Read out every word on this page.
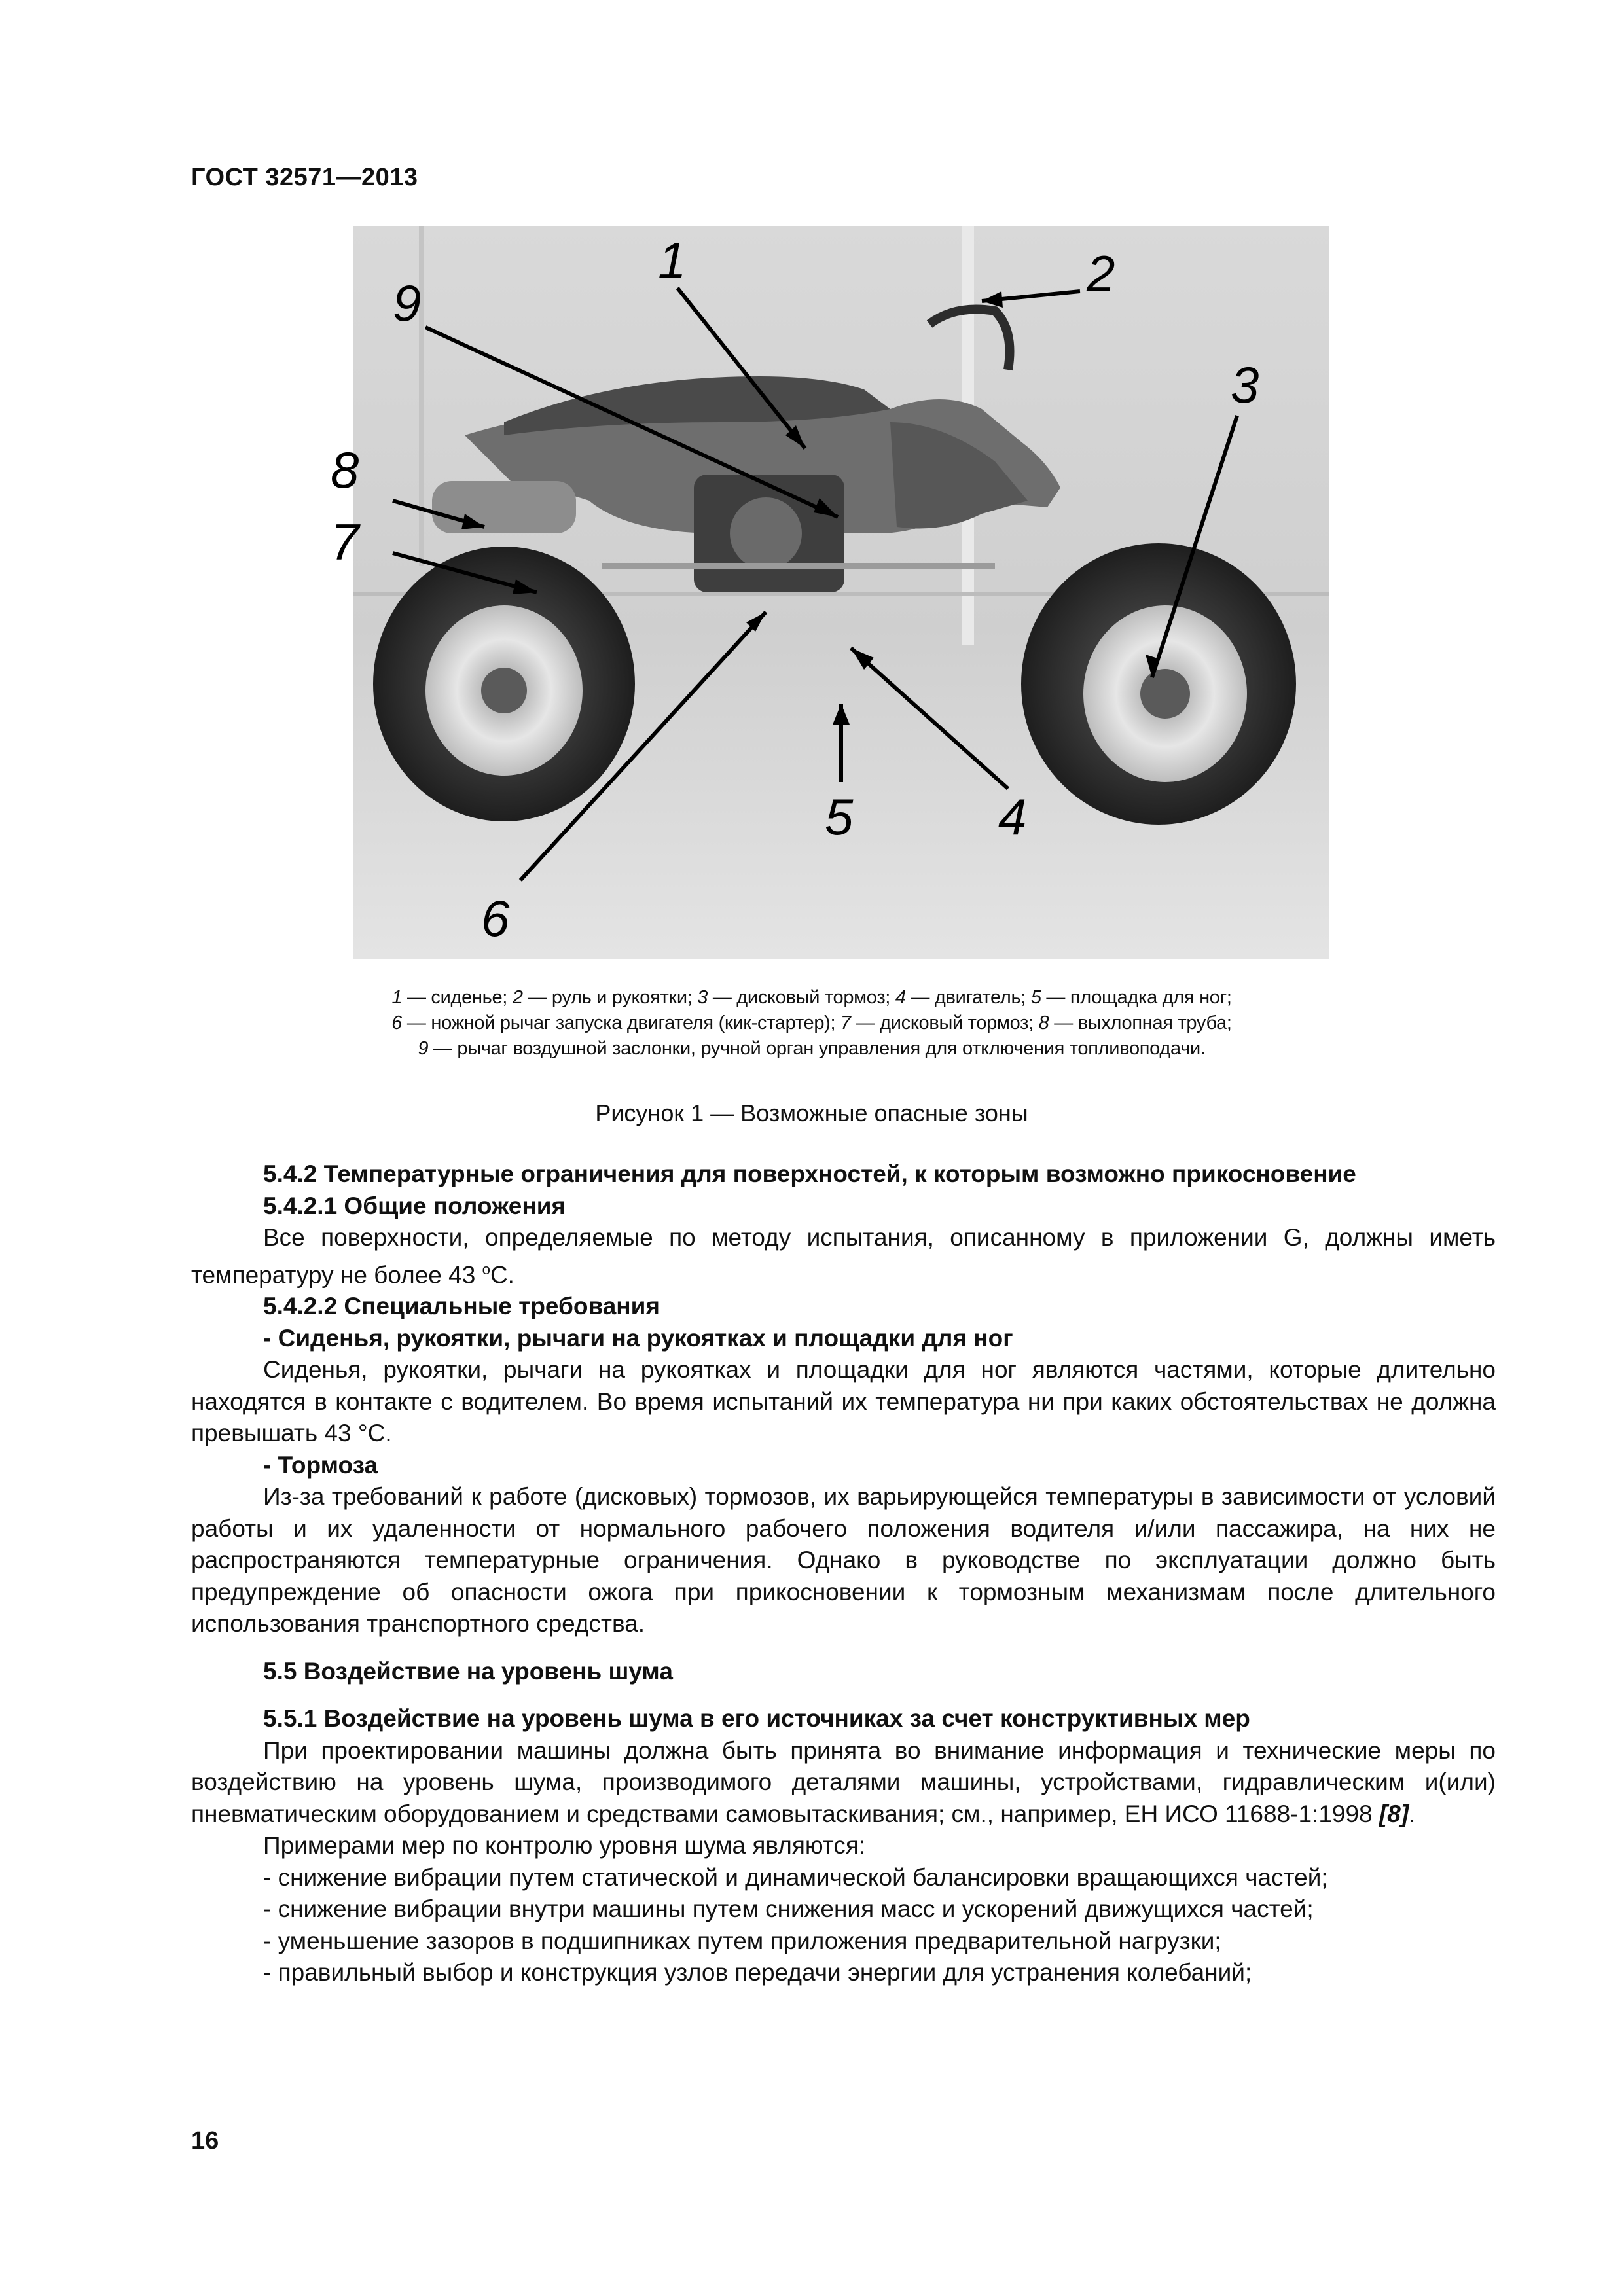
ГОСТ 32571—2013
1	2
3
4
5
6
7
8
9
1 — сиденье; 2 — руль и рукоятки; 3 — дисковый тормоз; 4 — двигатель; 5 — площадка для ног;
6 — ножной рычаг запуска двигателя (кик-стартер); 7 — дисковый тормоз; 8 — выхлопная труба;
9 — рычаг воздушной заслонки, ручной орган управления для отключения топливоподачи.
Рисунок 1 — Возможные опасные зоны

5.4.2 Температурные ограничения для поверхностей, к которым возможно прикосновение

5.4.2.1 Общие положения

Все поверхности, определяемые по методу испытания, описанному в приложении G, должны иметь температуру не более 43 $^o$С.

5.4.2.2 Специальные требования

- Сиденья, рукоятки, рычаги на рукоятках и площадки для ног

Сиденья, рукоятки, рычаги на рукоятках и площадки для ног являются частями, которые длительно находятся в контакте с водителем. Во время испытаний их температура ни при каких обстоятельствах не должна превышать 43 °С.

- Тормоза

Из-за требований к работе (дисковых) тормозов, их варьирующейся температуры в зависимости от условий работы и их удаленности от нормального рабочего положения водителя и/или пассажира, на них не распространяются температурные ограничения. Однако в руководстве по эксплуатации должно быть предупреждение об опасности ожога при прикосновении к тормозным механизмам после длительного использования транспортного средства.

5.5 Воздействие на уровень шума

5.5.1 Воздействие на уровень шума в его источниках за счет конструктивных мер

При проектировании машины должна быть принята во внимание информация и технические меры по воздействию на уровень шума, производимого деталями машины, устройствами, гидравлическим и(или) пневматическим оборудованием и средствами самовытаскивания; см., например, ЕН ИСО 11688-1:1998 [8].

Примерами мер по контролю уровня шума являются:

- снижение вибрации путем статической и динамической балансировки вращающихся частей;

- снижение вибрации внутри машины путем снижения масс и ускорений движущихся частей;

- уменьшение зазоров в подшипниках путем приложения предварительной нагрузки;

- правильный выбор и конструкция узлов передачи энергии для устранения колебаний;

16
